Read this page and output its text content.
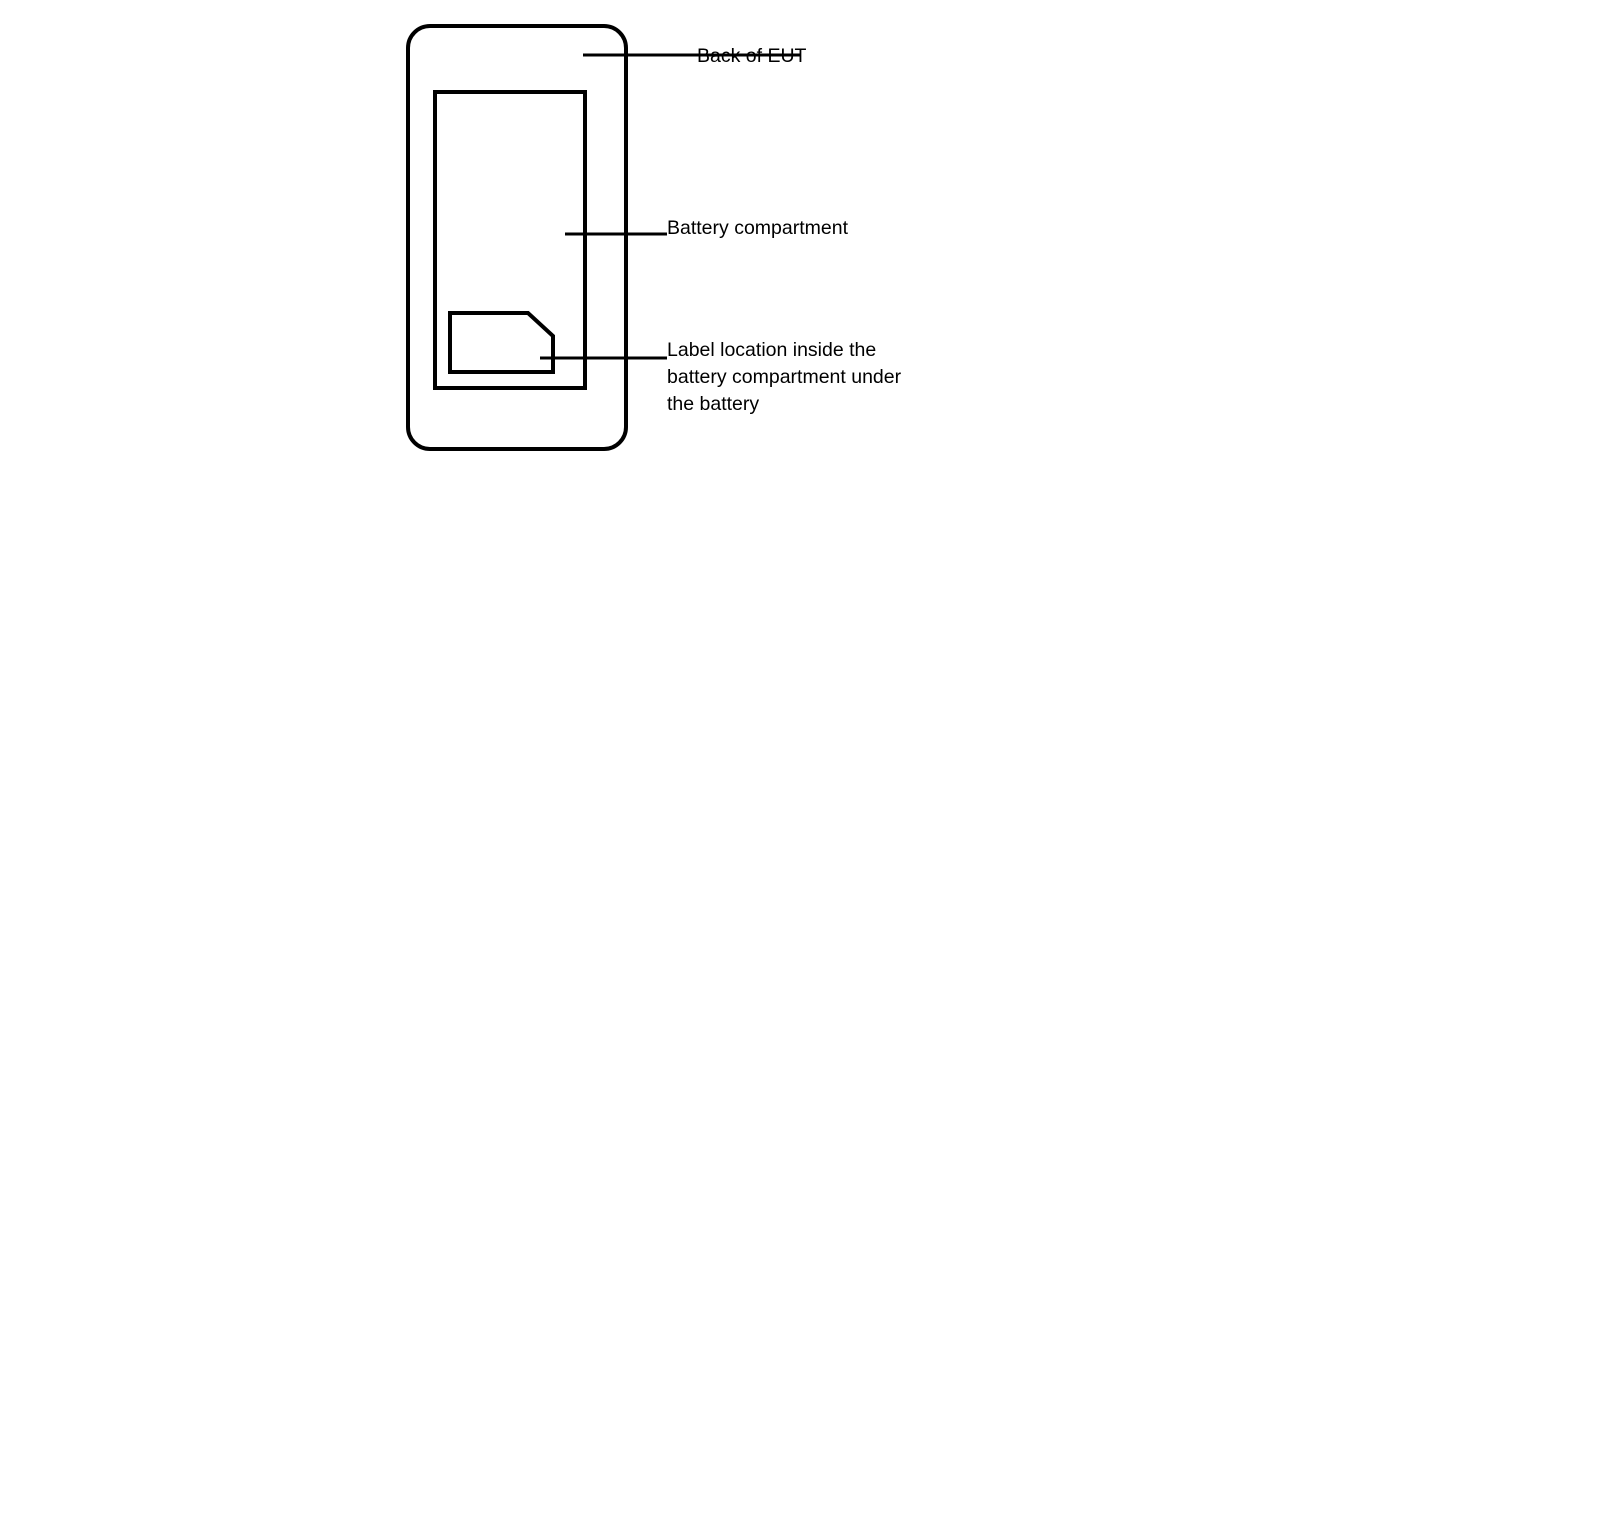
Back of EUT
Battery compartment
Label location inside the battery compartment under the battery
